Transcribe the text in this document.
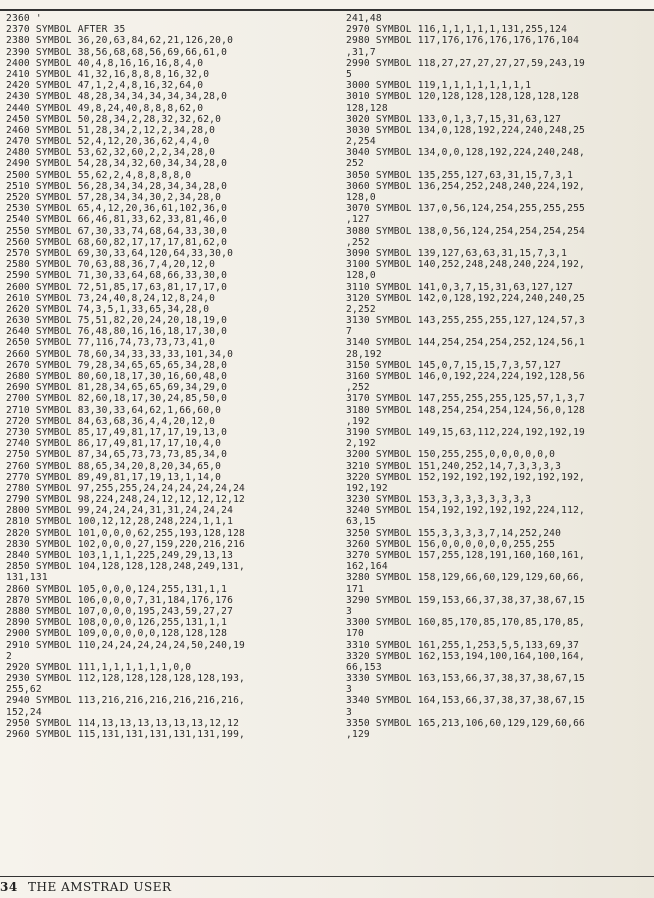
2360 '
2370 SYMBOL AFTER 35
2380 SYMBOL 36,20,63,84,62,21,126,20,0
2390 SYMBOL 38,56,68,68,56,69,66,61,0
2400 SYMBOL 40,4,8,16,16,16,8,4,0
2410 SYMBOL 41,32,16,8,8,8,16,32,0
2420 SYMBOL 47,1,2,4,8,16,32,64,0
2430 SYMBOL 48,28,34,34,34,34,34,28,0
2440 SYMBOL 49,8,24,40,8,8,8,62,0
2450 SYMBOL 50,28,34,2,28,32,32,62,0
2460 SYMBOL 51,28,34,2,12,2,34,28,0
2470 SYMBOL 52,4,12,20,36,62,4,4,0
2480 SYMBOL 53,62,32,60,2,2,34,28,0
2490 SYMBOL 54,28,34,32,60,34,34,28,0
2500 SYMBOL 55,62,2,4,8,8,8,8,0
2510 SYMBOL 56,28,34,34,28,34,34,28,0
2520 SYMBOL 57,28,34,34,30,2,34,28,0
2530 SYMBOL 65,4,12,20,36,61,102,36,0
2540 SYMBOL 66,46,81,33,62,33,81,46,0
2550 SYMBOL 67,30,33,74,68,64,33,30,0
2560 SYMBOL 68,60,82,17,17,17,81,62,0
2570 SYMBOL 69,30,33,64,120,64,33,30,0
2580 SYMBOL 70,63,88,36,7,4,20,12,0
2590 SYMBOL 71,30,33,64,68,66,33,30,0
2600 SYMBOL 72,51,85,17,63,81,17,17,0
2610 SYMBOL 73,24,40,8,24,12,8,24,0
2620 SYMBOL 74,3,5,1,33,65,34,28,0
2630 SYMBOL 75,51,82,20,24,20,18,19,0
2640 SYMBOL 76,48,80,16,16,18,17,30,0
2650 SYMBOL 77,116,74,73,73,73,41,0
2660 SYMBOL 78,60,34,33,33,33,101,34,0
2670 SYMBOL 79,28,34,65,65,65,34,28,0
2680 SYMBOL 80,60,18,17,30,16,60,48,0
2690 SYMBOL 81,28,34,65,65,69,34,29,0
2700 SYMBOL 82,60,18,17,30,24,85,50,0
2710 SYMBOL 83,30,33,64,62,1,66,60,0
2720 SYMBOL 84,63,68,36,4,4,20,12,0
2730 SYMBOL 85,17,49,81,17,17,19,13,0
2740 SYMBOL 86,17,49,81,17,17,10,4,0
2750 SYMBOL 87,34,65,73,73,73,85,34,0
2760 SYMBOL 88,65,34,20,8,20,34,65,0
2770 SYMBOL 89,49,81,17,19,13,1,14,0
2780 SYMBOL 97,255,255,24,24,24,24,24,24
2790 SYMBOL 98,224,248,24,12,12,12,12,12
2800 SYMBOL 99,24,24,24,31,31,24,24,24
2810 SYMBOL 100,12,12,28,248,224,1,1,1
2820 SYMBOL 101,0,0,0,62,255,193,128,128
2830 SYMBOL 102,0,0,0,27,159,220,216,216
2840 SYMBOL 103,1,1,1,225,249,29,13,13
2850 SYMBOL 104,128,128,128,248,249,131,
131,131
2860 SYMBOL 105,0,0,0,124,255,131,1,1
2870 SYMBOL 106,0,0,0,7,31,184,176,176
2880 SYMBOL 107,0,0,0,195,243,59,27,27
2890 SYMBOL 108,0,0,0,126,255,131,1,1
2900 SYMBOL 109,0,0,0,0,0,128,128,128
2910 SYMBOL 110,24,24,24,24,24,50,240,19
2
2920 SYMBOL 111,1,1,1,1,1,1,0,0
2930 SYMBOL 112,128,128,128,128,128,193,
255,62
2940 SYMBOL 113,216,216,216,216,216,216,
152,24
2950 SYMBOL 114,13,13,13,13,13,13,12,12
2960 SYMBOL 115,131,131,131,131,131,199,
241,48
2970 SYMBOL 116,1,1,1,1,1,131,255,124
2980 SYMBOL 117,176,176,176,176,176,104
,31,7
2990 SYMBOL 118,27,27,27,27,27,59,243,19
5
3000 SYMBOL 119,1,1,1,1,1,1,1,1
3010 SYMBOL 120,128,128,128,128,128,128
128,128
3020 SYMBOL 133,0,1,3,7,15,31,63,127
3030 SYMBOL 134,0,128,192,224,240,248,25
2,254
3040 SYMBOL 134,0,0,128,192,224,240,248,
252
3050 SYMBOL 135,255,127,63,31,15,7,3,1
3060 SYMBOL 136,254,252,248,240,224,192,
128,0
3070 SYMBOL 137,0,56,124,254,255,255,255
,127
3080 SYMBOL 138,0,56,124,254,254,254,254
,252
3090 SYMBOL 139,127,63,63,31,15,7,3,1
3100 SYMBOL 140,252,248,248,240,224,192,
128,0
3110 SYMBOL 141,0,3,7,15,31,63,127,127
3120 SYMBOL 142,0,128,192,224,240,240,25
2,252
3130 SYMBOL 143,255,255,255,127,124,57,3
7
3140 SYMBOL 144,254,254,254,252,124,56,1
28,192
3150 SYMBOL 145,0,7,15,15,7,3,57,127
3160 SYMBOL 146,0,192,224,224,192,128,56
,252
3170 SYMBOL 147,255,255,255,125,57,1,3,7
3180 SYMBOL 148,254,254,254,124,56,0,128
,192
3190 SYMBOL 149,15,63,112,224,192,192,19
2,192
3200 SYMBOL 150,255,255,0,0,0,0,0,0
3210 SYMBOL 151,240,252,14,7,3,3,3,3
3220 SYMBOL 152,192,192,192,192,192,192,
192,192
3230 SYMBOL 153,3,3,3,3,3,3,3,3
3240 SYMBOL 154,192,192,192,192,224,112,
63,15
3250 SYMBOL 155,3,3,3,3,7,14,252,240
3260 SYMBOL 156,0,0,0,0,0,0,255,255
3270 SYMBOL 157,255,128,191,160,160,161,
162,164
3280 SYMBOL 158,129,66,60,129,129,60,66,
171
3290 SYMBOL 159,153,66,37,38,37,38,67,15
3
3300 SYMBOL 160,85,170,85,170,85,170,85,
170
3310 SYMBOL 161,255,1,253,5,5,133,69,37
3320 SYMBOL 162,153,194,100,164,100,164,
66,153
3330 SYMBOL 163,153,66,37,38,37,38,67,15
3
3340 SYMBOL 164,153,66,37,38,37,38,67,15
3
3350 SYMBOL 165,213,106,60,129,129,60,66
,129
34 THE AMSTRAD USER
